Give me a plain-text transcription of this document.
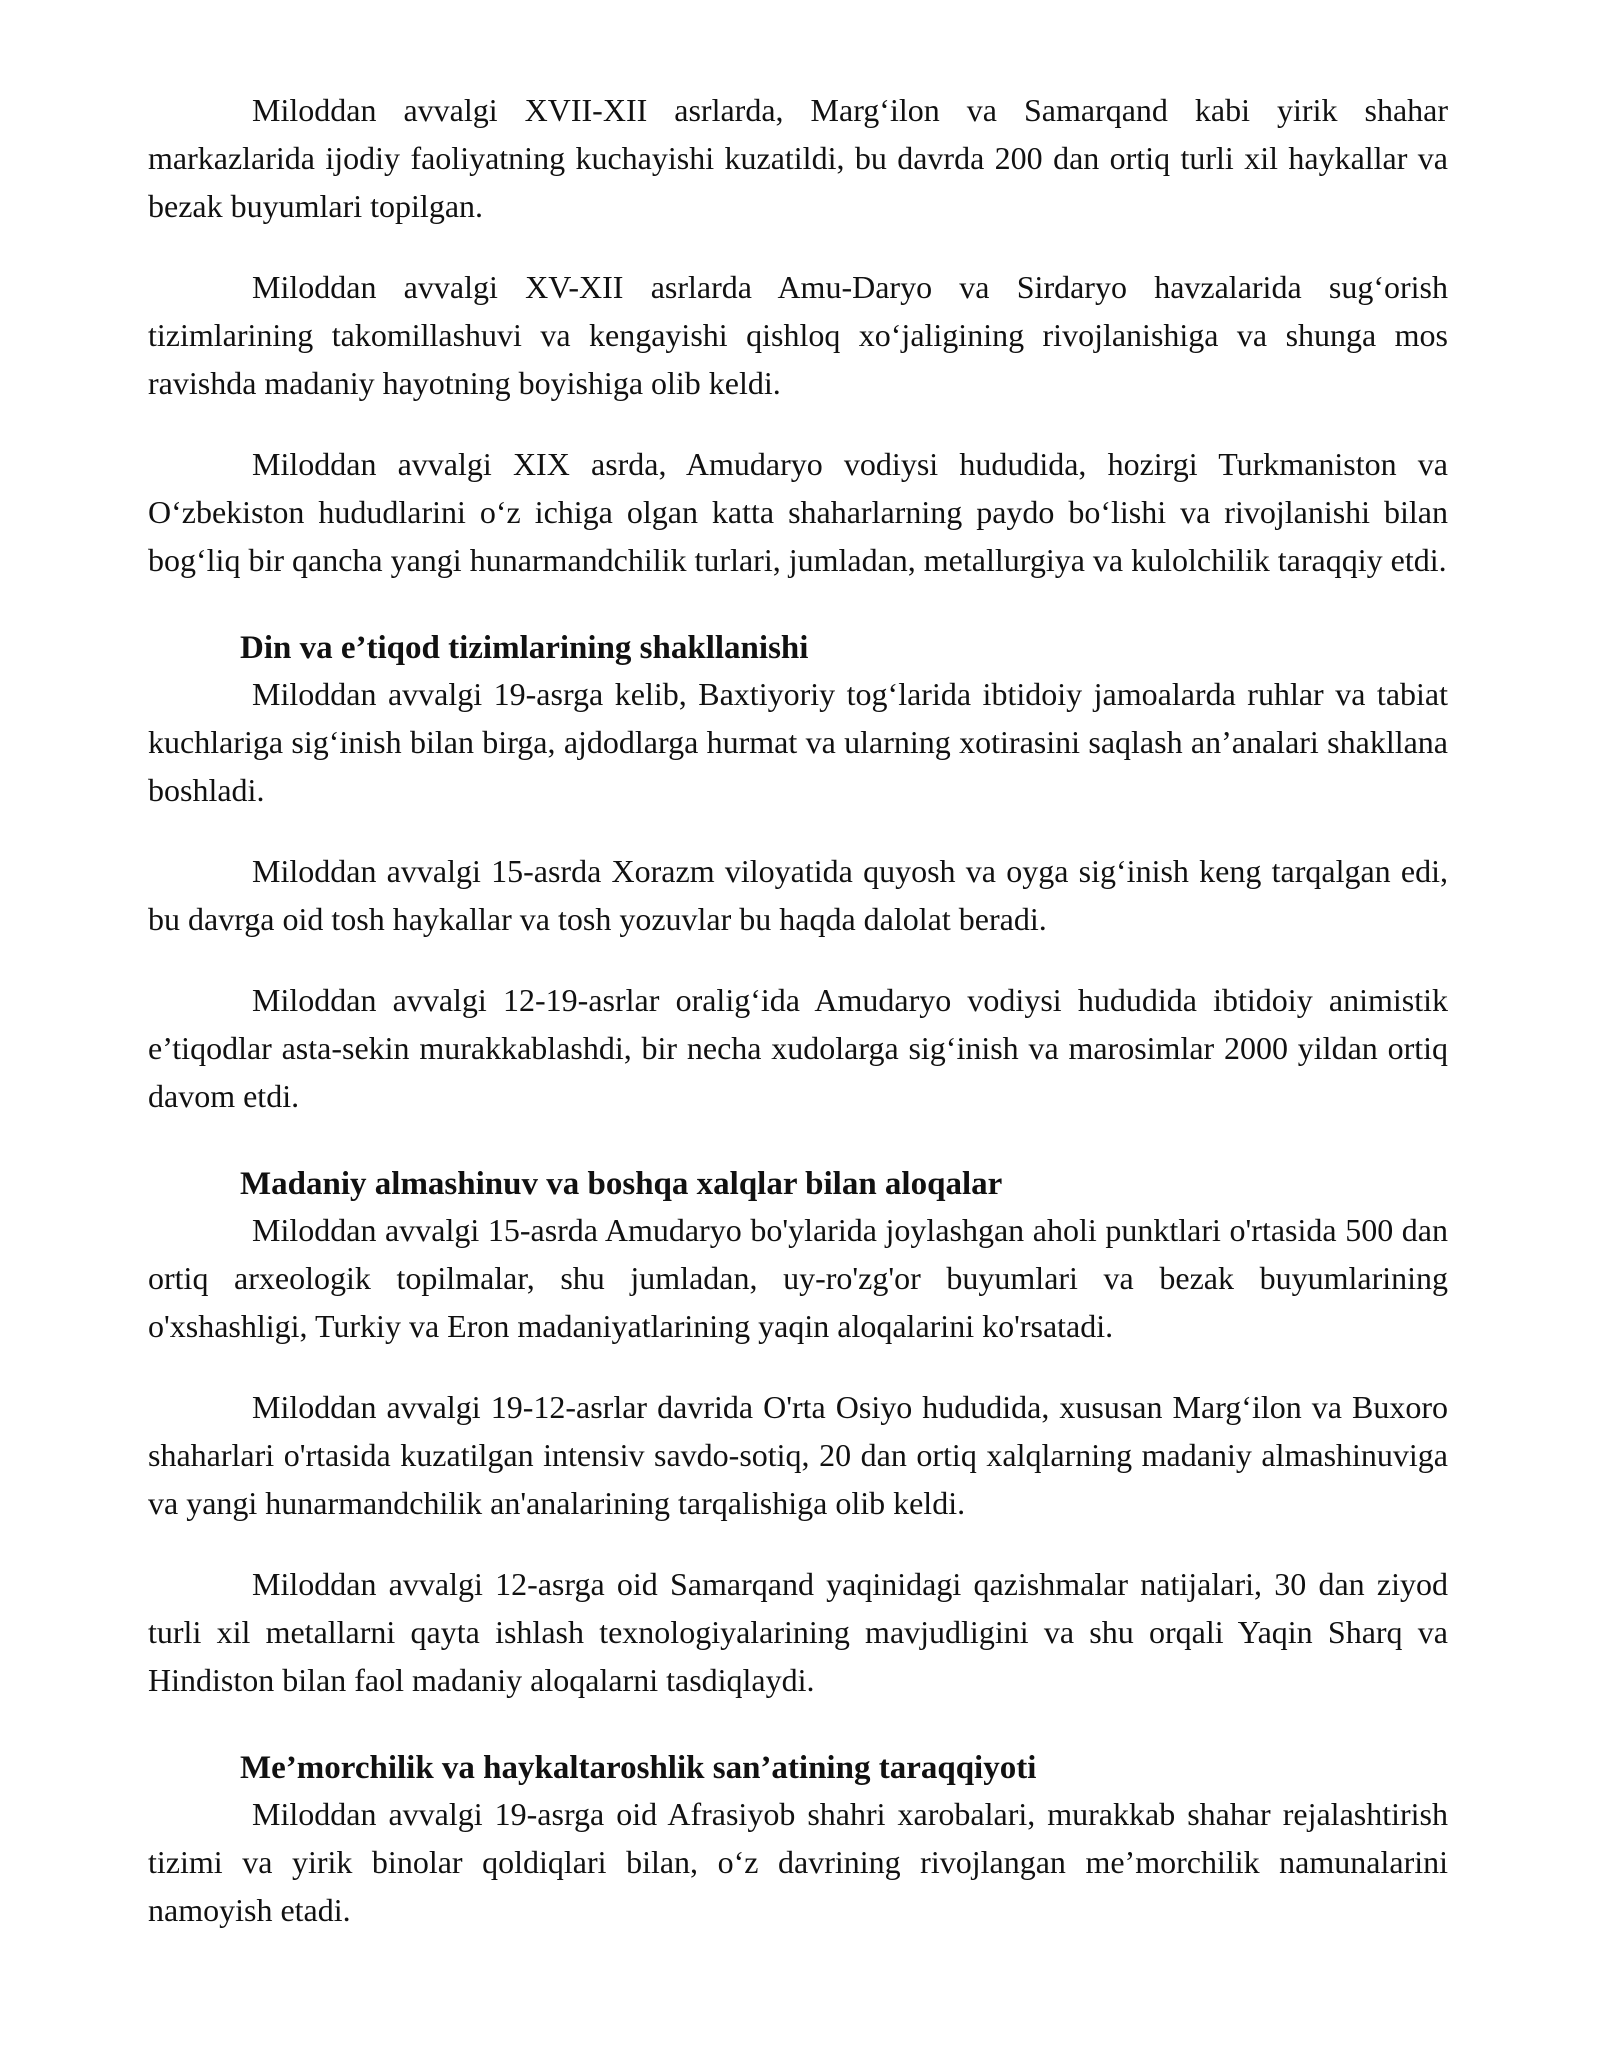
Miloddan avvalgi XVII-XII asrlarda, Marg‘ilon va Samarqand kabi yirik shahar markazlarida ijodiy faoliyatning kuchayishi kuzatildi, bu davrda 200 dan ortiq turli xil haykallar va bezak buyumlari topilgan.

Miloddan avvalgi XV-XII asrlarda Amu-Daryo va Sirdaryo havzalarida sug‘orish tizimlarining takomillashuvi va kengayishi qishloq xo‘jaligining rivojlanishiga va shunga mos ravishda madaniy hayotning boyishiga olib keldi.

Miloddan avvalgi XIX asrda, Amudaryo vodiysi hududida, hozirgi Turkmaniston va O‘zbekiston hududlarini o‘z ichiga olgan katta shaharlarning paydo bo‘lishi va rivojlanishi bilan bog‘liq bir qancha yangi hunarmandchilik turlari, jumladan, metallurgiya va kulolchilik taraqqiy etdi.

Din va e’tiqod tizimlarining shakllanishi

Miloddan avvalgi 19-asrga kelib, Baxtiyoriy tog‘larida ibtidoiy jamoalarda ruhlar va tabiat kuchlariga sig‘inish bilan birga, ajdodlarga hurmat va ularning xotirasini saqlash an’analari shakllana boshladi.

Miloddan avvalgi 15-asrda Xorazm viloyatida quyosh va oyga sig‘inish keng tarqalgan edi, bu davrga oid tosh haykallar va tosh yozuvlar bu haqda dalolat beradi.

Miloddan avvalgi 12-19-asrlar oralig‘ida Amudaryo vodiysi hududida ibtidoiy animistik e’tiqodlar asta-sekin murakkablashdi, bir necha xudolarga sig‘inish va marosimlar 2000 yildan ortiq davom etdi.

Madaniy almashinuv va boshqa xalqlar bilan aloqalar

Miloddan avvalgi 15-asrda Amudaryo bo'ylarida joylashgan aholi punktlari o'rtasida 500 dan ortiq arxeologik topilmalar, shu jumladan, uy-ro'zg'or buyumlari va bezak buyumlarining o'xshashligi, Turkiy va Eron madaniyatlarining yaqin aloqalarini ko'rsatadi.

Miloddan avvalgi 19-12-asrlar davrida O'rta Osiyo hududida, xususan Marg‘ilon va Buxoro shaharlari o'rtasida kuzatilgan intensiv savdo-sotiq, 20 dan ortiq xalqlarning madaniy almashinuviga va yangi hunarmandchilik an'analarining tarqalishiga olib keldi.

Miloddan avvalgi 12-asrga oid Samarqand yaqinidagi qazishmalar natijalari, 30 dan ziyod turli xil metallarni qayta ishlash texnologiyalarining mavjudligini va shu orqali Yaqin Sharq va Hindiston bilan faol madaniy aloqalarni tasdiqlaydi.

Me’morchilik va haykaltaroshlik san’atining taraqqiyoti

Miloddan avvalgi 19-asrga oid Afrasiyob shahri xarobalari, murakkab shahar rejalashtirish tizimi va yirik binolar qoldiqlari bilan, o‘z davrining rivojlangan me’morchilik namunalarini namoyish etadi.
